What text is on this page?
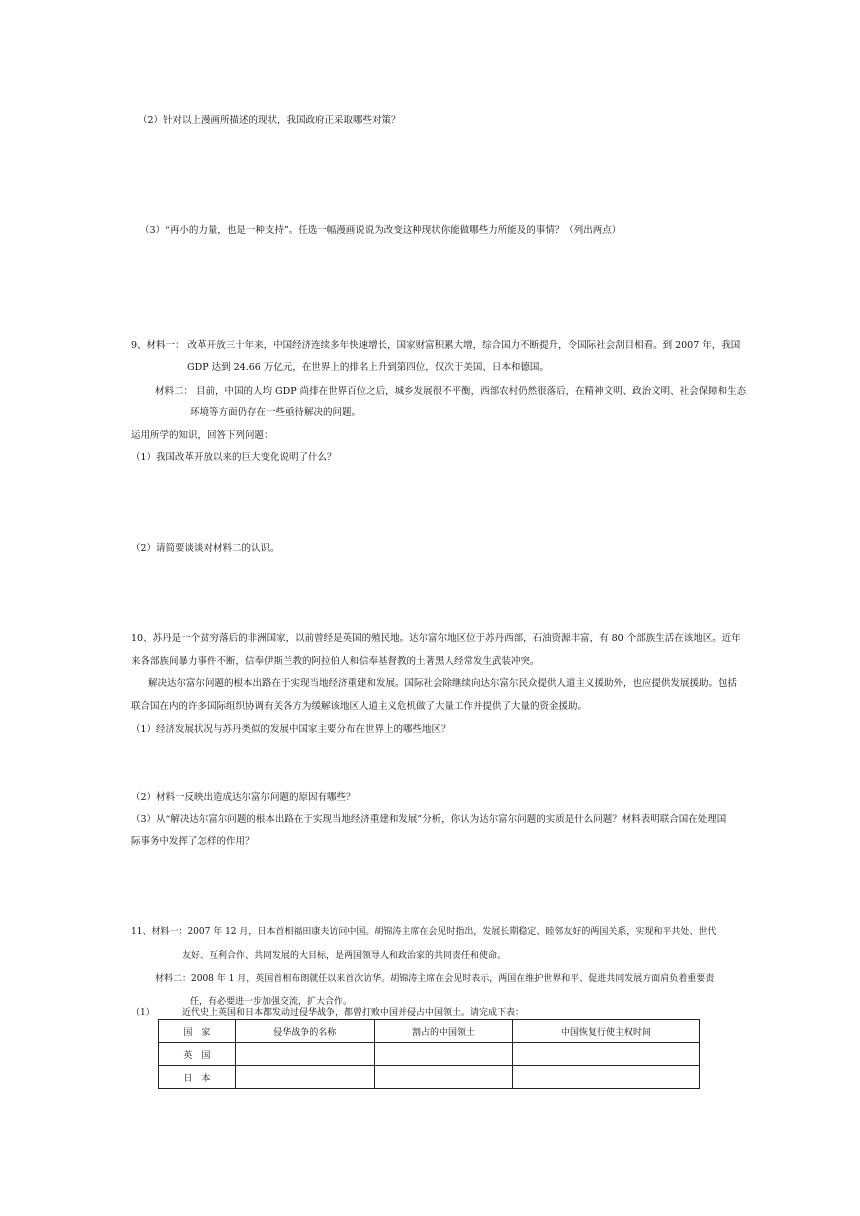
（2）针对以上漫画所描述的现状，我国政府正采取哪些对策？
（3）“再小的力量，也是一种支持”。任选一幅漫画说说为改变这种现状你能做哪些力所能及的事情？（列出两点）
9、材料一： 改革开放三十年来，中国经济连续多年快速增长，国家财富积累大增，综合国力不断提升，令国际社会刮目相看。到 2007 年，我国
GDP 达到 24.66 万亿元，在世界上的排名上升到第四位，仅次于美国、日本和德国。
材料二： 目前，中国的人均 GDP 尚排在世界百位之后，城乡发展很不平衡，西部农村仍然很落后，在精神文明、政治文明、社会保障和生态
环境等方面仍存在一些亟待解决的问题。
运用所学的知识，回答下列问题：
（1）我国改革开放以来的巨大变化说明了什么？
（2）请简要谈谈对材料二的认识。
10、苏丹是一个贫穷落后的非洲国家，以前曾经是英国的殖民地。达尔富尔地区位于苏丹西部，石油资源丰富，有 80 个部族生活在该地区。近年
来各部族间暴力事件不断，信奉伊斯兰教的阿拉伯人和信奉基督教的土著黑人经常发生武装冲突。
解决达尔富尔问题的根本出路在于实现当地经济重建和发展。国际社会除继续向达尔富尔民众提供人道主义援助外，也应提供发展援助。包括
联合国在内的许多国际组织协调有关各方为缓解该地区人道主义危机做了大量工作并提供了大量的资金援助。
（1）经济发展状况与苏丹类似的发展中国家主要分布在世界上的哪些地区？
（2）材料一反映出造成达尔富尔问题的原因有哪些？
（3）从“解决达尔富尔问题的根本出路在于实现当地经济重建和发展”分析，你认为达尔富尔问题的实质是什么问题？材料表明联合国在处理国
际事务中发挥了怎样的作用？
11、材料一：2007 年 12 月，日本首相福田康夫访问中国。胡锦涛主席在会见时指出，发展长期稳定、睦邻友好的两国关系，实现和平共处、世代
友好、互利合作、共同发展的大目标，是两国领导人和政治家的共同责任和使命。
材料二：2008 年 1 月，英国首相布朗就任以来首次访华。胡锦涛主席在会见时表示，两国在维护世界和平、促进共同发展方面肩负着重要责
任，有必要进一步加强交流，扩大合作。
（1）	近代史上英国和日本都发动过侵华战争，都曾打败中国并侵占中国领土。请完成下表：
国　家	侵华战争的名称	割占的中国领土	中国恢复行使主权时间
英　国			
日　本			
